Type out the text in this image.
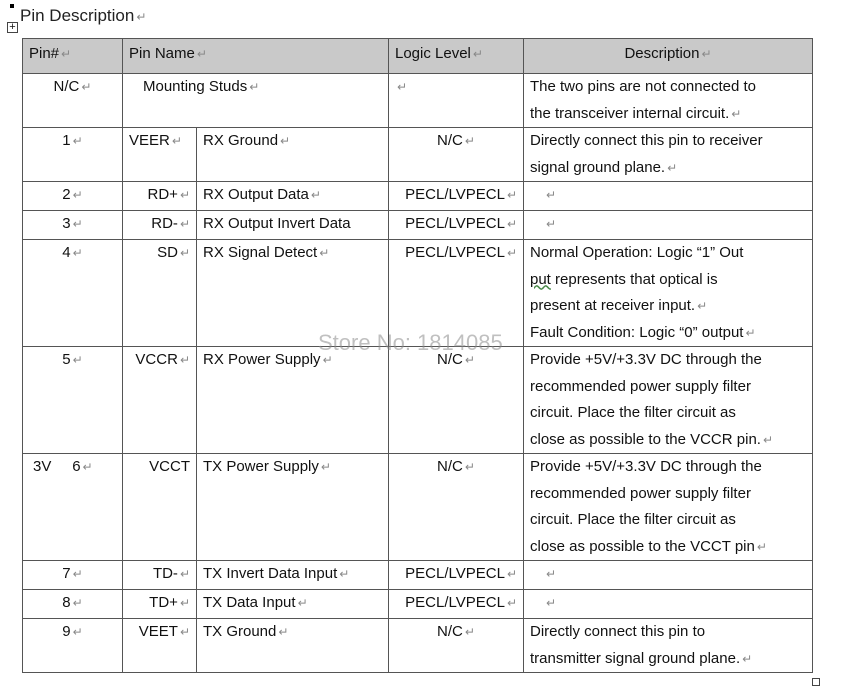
+
Pin Description ↵
Pin# ↵	Pin Name ↵		Logic Level ↵	Description ↵
N/C ↵	Mounting Studs ↵		↵	The two pins are not connected to
the transceiver internal circuit. ↵

1 ↵	VEER ↵	RX Ground ↵	N/C ↵	Directly connect this pin to receiver
signal ground plane. ↵

2 ↵	RD+ ↵	RX Output Data ↵	PECL/LVPECL ↵	↵
3 ↵	RD- ↵	RX Output Invert Data	PECL/LVPECL ↵	↵
4 ↵	SD ↵	RX Signal Detect ↵	PECL/LVPECL ↵	Normal Operation: Logic “1” Out
put represents that optical is
present at receiver input. ↵
Fault Condition: Logic “0” output ↵

5 ↵	VCCR ↵	RX Power Supply ↵	N/C ↵	Provide +5V/+3.3V DC through the
recommended power supply filter
circuit. Place the filter circuit as
close as possible to the VCCR pin. ↵

3V 6 ↵	VCCT	TX Power Supply ↵	N/C ↵	Provide +5V/+3.3V DC through the
recommended power supply filter
circuit. Place the filter circuit as
close as possible to the VCCT pin ↵

7 ↵	TD- ↵	TX Invert Data Input ↵	PECL/LVPECL ↵	↵
8 ↵	TD+ ↵	TX Data Input ↵	PECL/LVPECL ↵	↵
9 ↵	VEET ↵	TX Ground ↵	N/C ↵	Directly connect this pin to
transmitter signal ground plane. ↵
Store No: 1814085
